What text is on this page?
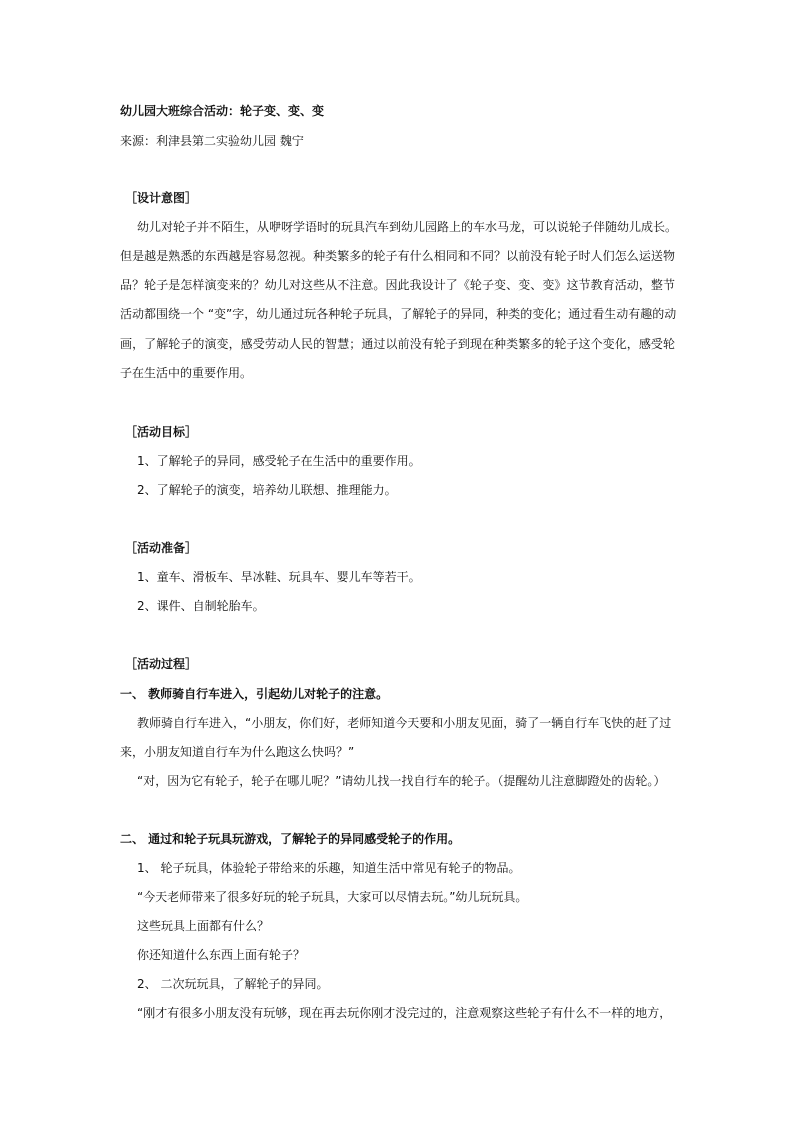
幼儿园大班综合活动：轮子变、变、变
来源：利津县第二实验幼儿园 魏宁
［设计意图］
幼儿对轮子并不陌生，从咿呀学语时的玩具汽车到幼儿园路上的车水马龙，可以说轮子伴随幼儿成长。
但是越是熟悉的东西越是容易忽视。种类繁多的轮子有什么相同和不同？以前没有轮子时人们怎么运送物
品？轮子是怎样演变来的？幼儿对这些从不注意。因此我设计了《轮子变、变、变》这节教育活动，整节
活动都围绕一个 “变”字，幼儿通过玩各种轮子玩具，了解轮子的异同，种类的变化；通过看生动有趣的动
画，了解轮子的演变，感受劳动人民的智慧；通过以前没有轮子到现在种类繁多的轮子这个变化，感受轮
子在生活中的重要作用。
［活动目标］
1、了解轮子的异同，感受轮子在生活中的重要作用。
2、了解轮子的演变，培养幼儿联想、推理能力。
［活动准备］
1、童车、滑板车、旱冰鞋、玩具车、婴儿车等若干。
2、课件、自制轮胎车。
［活动过程］
一、 教师骑自行车进入，引起幼儿对轮子的注意。
教师骑自行车进入，“小朋友，你们好，老师知道今天要和小朋友见面，骑了一辆自行车飞快的赶了过
来，小朋友知道自行车为什么跑这么快吗？”
“对，因为它有轮子，轮子在哪儿呢？”请幼儿找一找自行车的轮子。（提醒幼儿注意脚蹬处的齿轮。）
二、 通过和轮子玩具玩游戏，了解轮子的异同感受轮子的作用。
1、 轮子玩具，体验轮子带给来的乐趣，知道生活中常见有轮子的物品。
“今天老师带来了很多好玩的轮子玩具，大家可以尽情去玩。”幼儿玩玩具。
这些玩具上面都有什么？
你还知道什么东西上面有轮子？
2、 二次玩玩具，了解轮子的异同。
“刚才有很多小朋友没有玩够，现在再去玩你刚才没完过的，注意观察这些轮子有什么不一样的地方，
